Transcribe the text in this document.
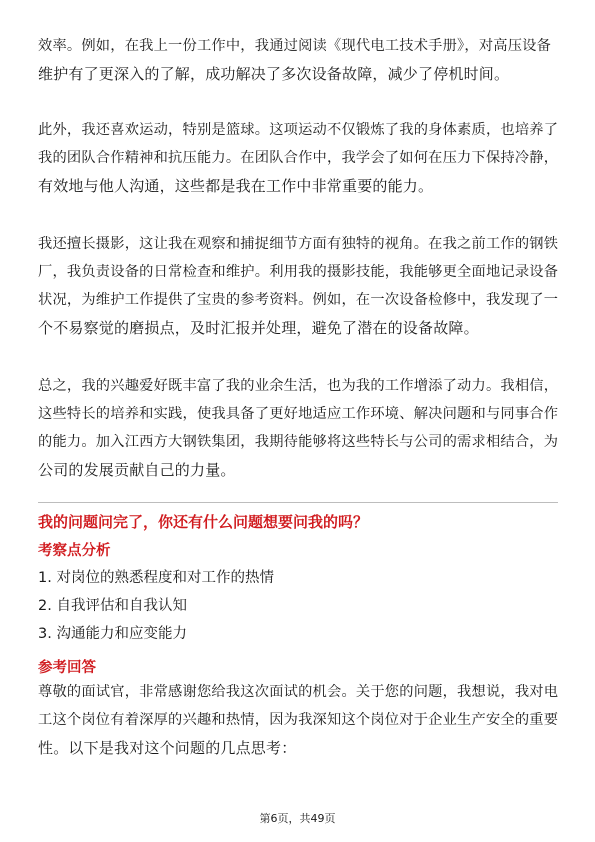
效率。例如，在我上一份工作中，我通过阅读《现代电工技术手册》，对高压设备
维护有了更深入的了解，成功解决了多次设备故障，减少了停机时间。

此外，我还喜欢运动，特别是篮球。这项运动不仅锻炼了我的身体素质，也培养了
我的团队合作精神和抗压能力。在团队合作中，我学会了如何在压力下保持冷静，
有效地与他人沟通，这些都是我在工作中非常重要的能力。

我还擅长摄影，这让我在观察和捕捉细节方面有独特的视角。在我之前工作的钢铁
厂，我负责设备的日常检查和维护。利用我的摄影技能，我能够更全面地记录设备
状况，为维护工作提供了宝贵的参考资料。例如，在一次设备检修中，我发现了一
个不易察觉的磨损点，及时汇报并处理，避免了潜在的设备故障。

总之，我的兴趣爱好既丰富了我的业余生活，也为我的工作增添了动力。我相信，
这些特长的培养和实践，使我具备了更好地适应工作环境、解决问题和与同事合作
的能力。加入江西方大钢铁集团，我期待能够将这些特长与公司的需求相结合，为
公司的发展贡献自己的力量。

我的问题问完了，你还有什么问题想要问我的吗？
考察点分析
1. 对岗位的熟悉程度和对工作的热情
2. 自我评估和自我认知
3. 沟通能力和应变能力
参考回答

尊敬的面试官，非常感谢您给我这次面试的机会。关于您的问题，我想说，我对电
工这个岗位有着深厚的兴趣和热情，因为我深知这个岗位对于企业生产安全的重要
性。以下是我对这个问题的几点思考：

第6页，共49页
